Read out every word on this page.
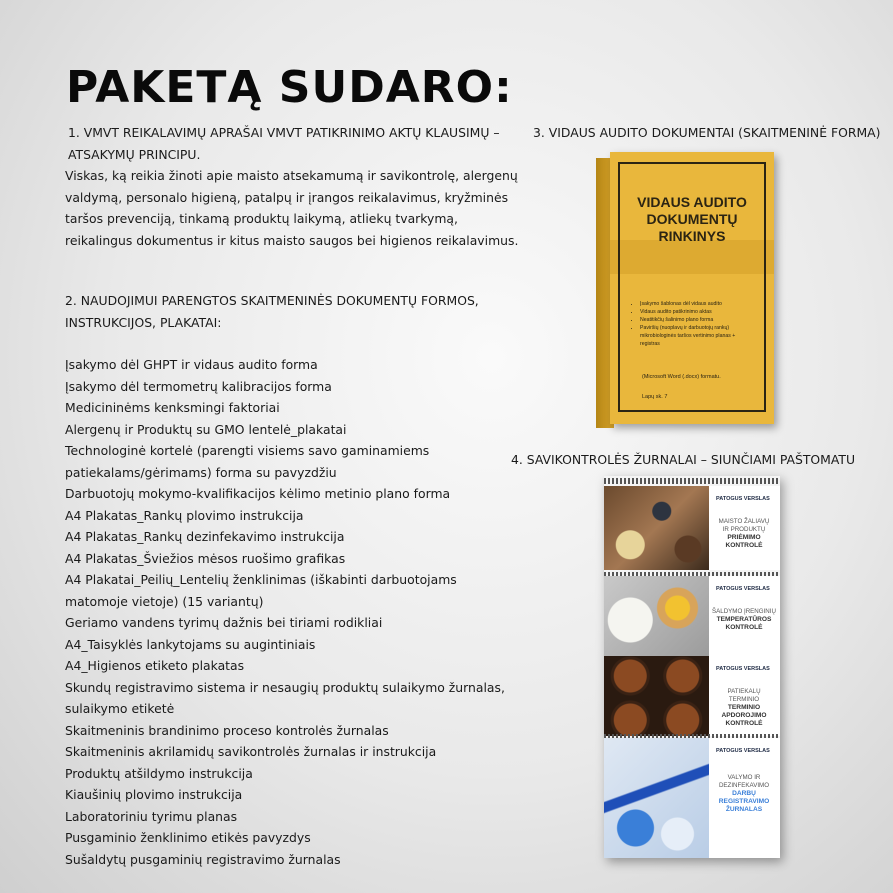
PAKETĄ SUDARO:
1. VMVT REIKALAVIMŲ APRAŠAI VMVT PATIKRINIMO AKTŲ KLAUSIMŲ – ATSAKYMŲ PRINCIPU.
Viskas, ką reikia žinoti apie maisto atsekamumą ir savikontrolę, alergenų valdymą, personalo higieną, patalpų ir įrangos reikalavimus, kryžminės taršos prevenciją, tinkamą produktų laikymą, atliekų tvarkymą, reikalingus dokumentus ir kitus maisto saugos bei higienos reikalavimus.
2. NAUDOJIMUI PARENGTOS SKAITMENINĖS DOKUMENTŲ FORMOS, INSTRUKCIJOS, PLAKATAI:
Įsakymo dėl GHPT ir vidaus audito forma
Įsakymo dėl termometrų kalibracijos forma
Medicininėms kenksmingi faktoriai
Alergenų ir Produktų su GMO lentelė_plakatai
Technologinė kortelė (parengti visiems savo gaminamiems patiekalams/gėrimams) forma su pavyzdžiu
Darbuotojų mokymo-kvalifikacijos kėlimo metinio plano forma
A4 Plakatas_Rankų plovimo instrukcija
A4 Plakatas_Rankų dezinfekavimo instrukcija
A4 Plakatas_Šviežios mėsos ruošimo grafikas
A4 Plakatai_Peilių_Lentelių ženklinimas (iškabinti darbuotojams matomoje vietoje) (15 variantų)
Geriamo vandens tyrimų dažnis bei tiriami rodikliai
A4_Taisyklės lankytojams su augintiniais
A4_Higienos etiketo plakatas
Skundų registravimo sistema ir nesaugių produktų sulaikymo žurnalas, sulaikymo etiketė
Skaitmeninis brandinimo proceso kontrolės žurnalas
Skaitmeninis akrilamidų savikontrolės žurnalas ir instrukcija
Produktų atšildymo instrukcija
Kiaušinių plovimo instrukcija
Laboratoriniu tyrimu planas
Pusgaminio ženklinimo etikės pavyzdys
Sušaldytų pusgaminių registravimo žurnalas
3. VIDAUS AUDITO DOKUMENTAI (SKAITMENINĖ FORMA)
VIDAUS AUDITO
DOKUMENTŲ
RINKINYS
• Įsakymo šablonas dėl vidaus audito
• Vidaus audito patikrinimo aktas
• Neatitikčių šalinimo plano forma
• Paviršių (nuoplavų ir darbuotojų rankų) mikrobiologinės taršos vertinimo planas + registras
(Microsoft Word (.docx) formatu.
Lapų sk. 7
4. SAVIKONTROLĖS ŽURNALAI – SIUNČIAMI PAŠTOMATU
PATOGUS VERSLAS
MAISTO ŽALIAVŲ
IR PRODUKTŲ
PRIĖMIMO
KONTROLĖ
PATOGUS VERSLAS
ŠALDYMO ĮRENGINIŲ
TEMPERATŪROS
KONTROLĖ
PATOGUS VERSLAS
PATIEKALŲ TERMINIO
TERMINIO
APDOROJIMO KONTROLĖ
PATOGUS VERSLAS
VALYMO IR
DEZINFEKAVIMO
DARBŲ REGISTRAVIMO
ŽURNALAS
